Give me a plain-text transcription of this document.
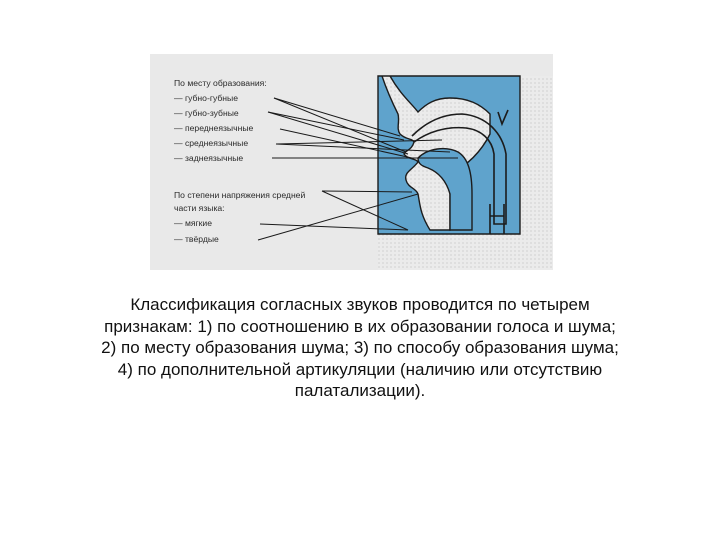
По месту образования:
— губно-губные
— губно-зубные
— переднеязычные
— среднеязычные
— заднеязычные
По степени напряжения средней
части языка:
— мягкие
— твёрдые

Классификация согласных звуков проводится по четырем признакам: 1) по соотношению в их образовании голоса и шума; 2) по месту образования шума; 3) по способу образования шума; 4) по дополнительной артикуляции (наличию или отсутствию палатализации).
